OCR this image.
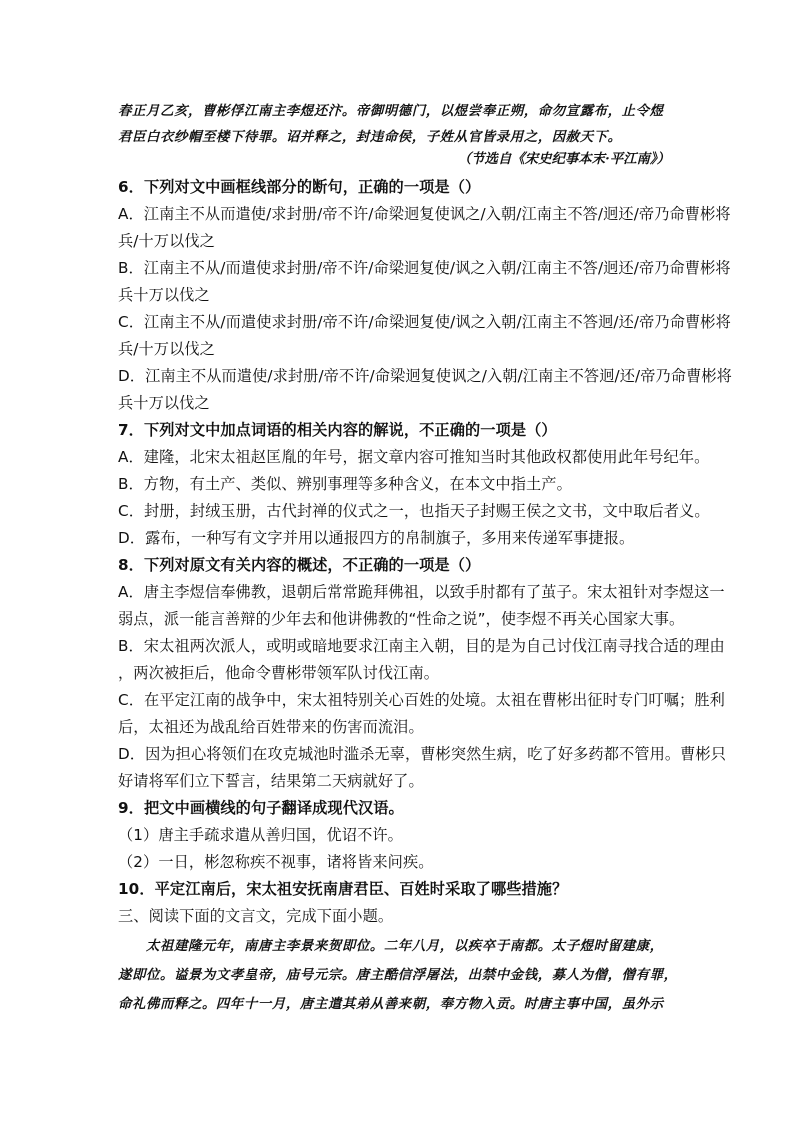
春正月乙亥，曹彬俘江南主李煜还汴。帝御明德门，以煜尝奉正朔，命勿宣露布，止令煜
君臣白衣纱帽至楼下待罪。诏并释之，封违命侯，子姓从官皆录用之，因赦天下。
（节选自《宋史纪事本末·平江南》）
6．下列对文中画框线部分的断句，正确的一项是（）
A．江南主不从而遣使/求封册/帝不许/命梁迥复使讽之/入朝/江南主不答/迥还/帝乃命曹彬将
兵/十万以伐之
B．江南主不从/而遣使求封册/帝不许/命梁迥复使/讽之入朝/江南主不答/迥还/帝乃命曹彬将
兵十万以伐之
C．江南主不从/而遣使求封册/帝不许/命梁迥复使/讽之入朝/江南主不答迥/还/帝乃命曹彬将
兵/十万以伐之
D．江南主不从而遣使/求封册/帝不许/命梁迥复使讽之/入朝/江南主不答迥/还/帝乃命曹彬将
兵十万以伐之
7．下列对文中加点词语的相关内容的解说，不正确的一项是（）
A．建隆，北宋太祖赵匡胤的年号，据文章内容可推知当时其他政权都使用此年号纪年。
B．方物，有土产、类似、辨别事理等多种含义，在本文中指土产。
C．封册，封绒玉册，古代封禅的仪式之一，也指天子封赐王侯之文书，文中取后者义。
D．露布，一种写有文字并用以通报四方的帛制旗子，多用来传递军事捷报。
8．下列对原文有关内容的概述，不正确的一项是（）
A．唐主李煜信奉佛教，退朝后常常跪拜佛祖，以致手肘都有了茧子。宋太祖针对李煜这一
弱点，派一能言善辩的少年去和他讲佛教的“性命之说”，使李煜不再关心国家大事。
B．宋太祖两次派人，或明或暗地要求江南主入朝，目的是为自己讨伐江南寻找合适的理由
，两次被拒后，他命令曹彬带领军队讨伐江南。
C．在平定江南的战争中，宋太祖特别关心百姓的处境。太祖在曹彬出征时专门叮嘱；胜利
后，太祖还为战乱给百姓带来的伤害而流泪。
D．因为担心将领们在攻克城池时滥杀无辜，曹彬突然生病，吃了好多药都不管用。曹彬只
好请将军们立下誓言，结果第二天病就好了。
9．把文中画横线的句子翻译成现代汉语。
（1）唐主手疏求遣从善归国，优诏不许。
（2）一日，彬忽称疾不视事，诸将皆来问疾。
10．平定江南后，宋太祖安抚南唐君臣、百姓时采取了哪些措施？
三、阅读下面的文言文，完成下面小题。
　　太祖建隆元年，南唐主李景来贺即位。二年八月，以疾卒于南都。太子煜时留建康，
遂即位。谥景为文孝皇帝，庙号元宗。唐主酷信浮屠法，出禁中金钱，募人为僧，僧有罪，
命礼佛而释之。四年十一月，唐主遣其弟从善来朝，奉方物入贡。时唐主事中国，虽外示
